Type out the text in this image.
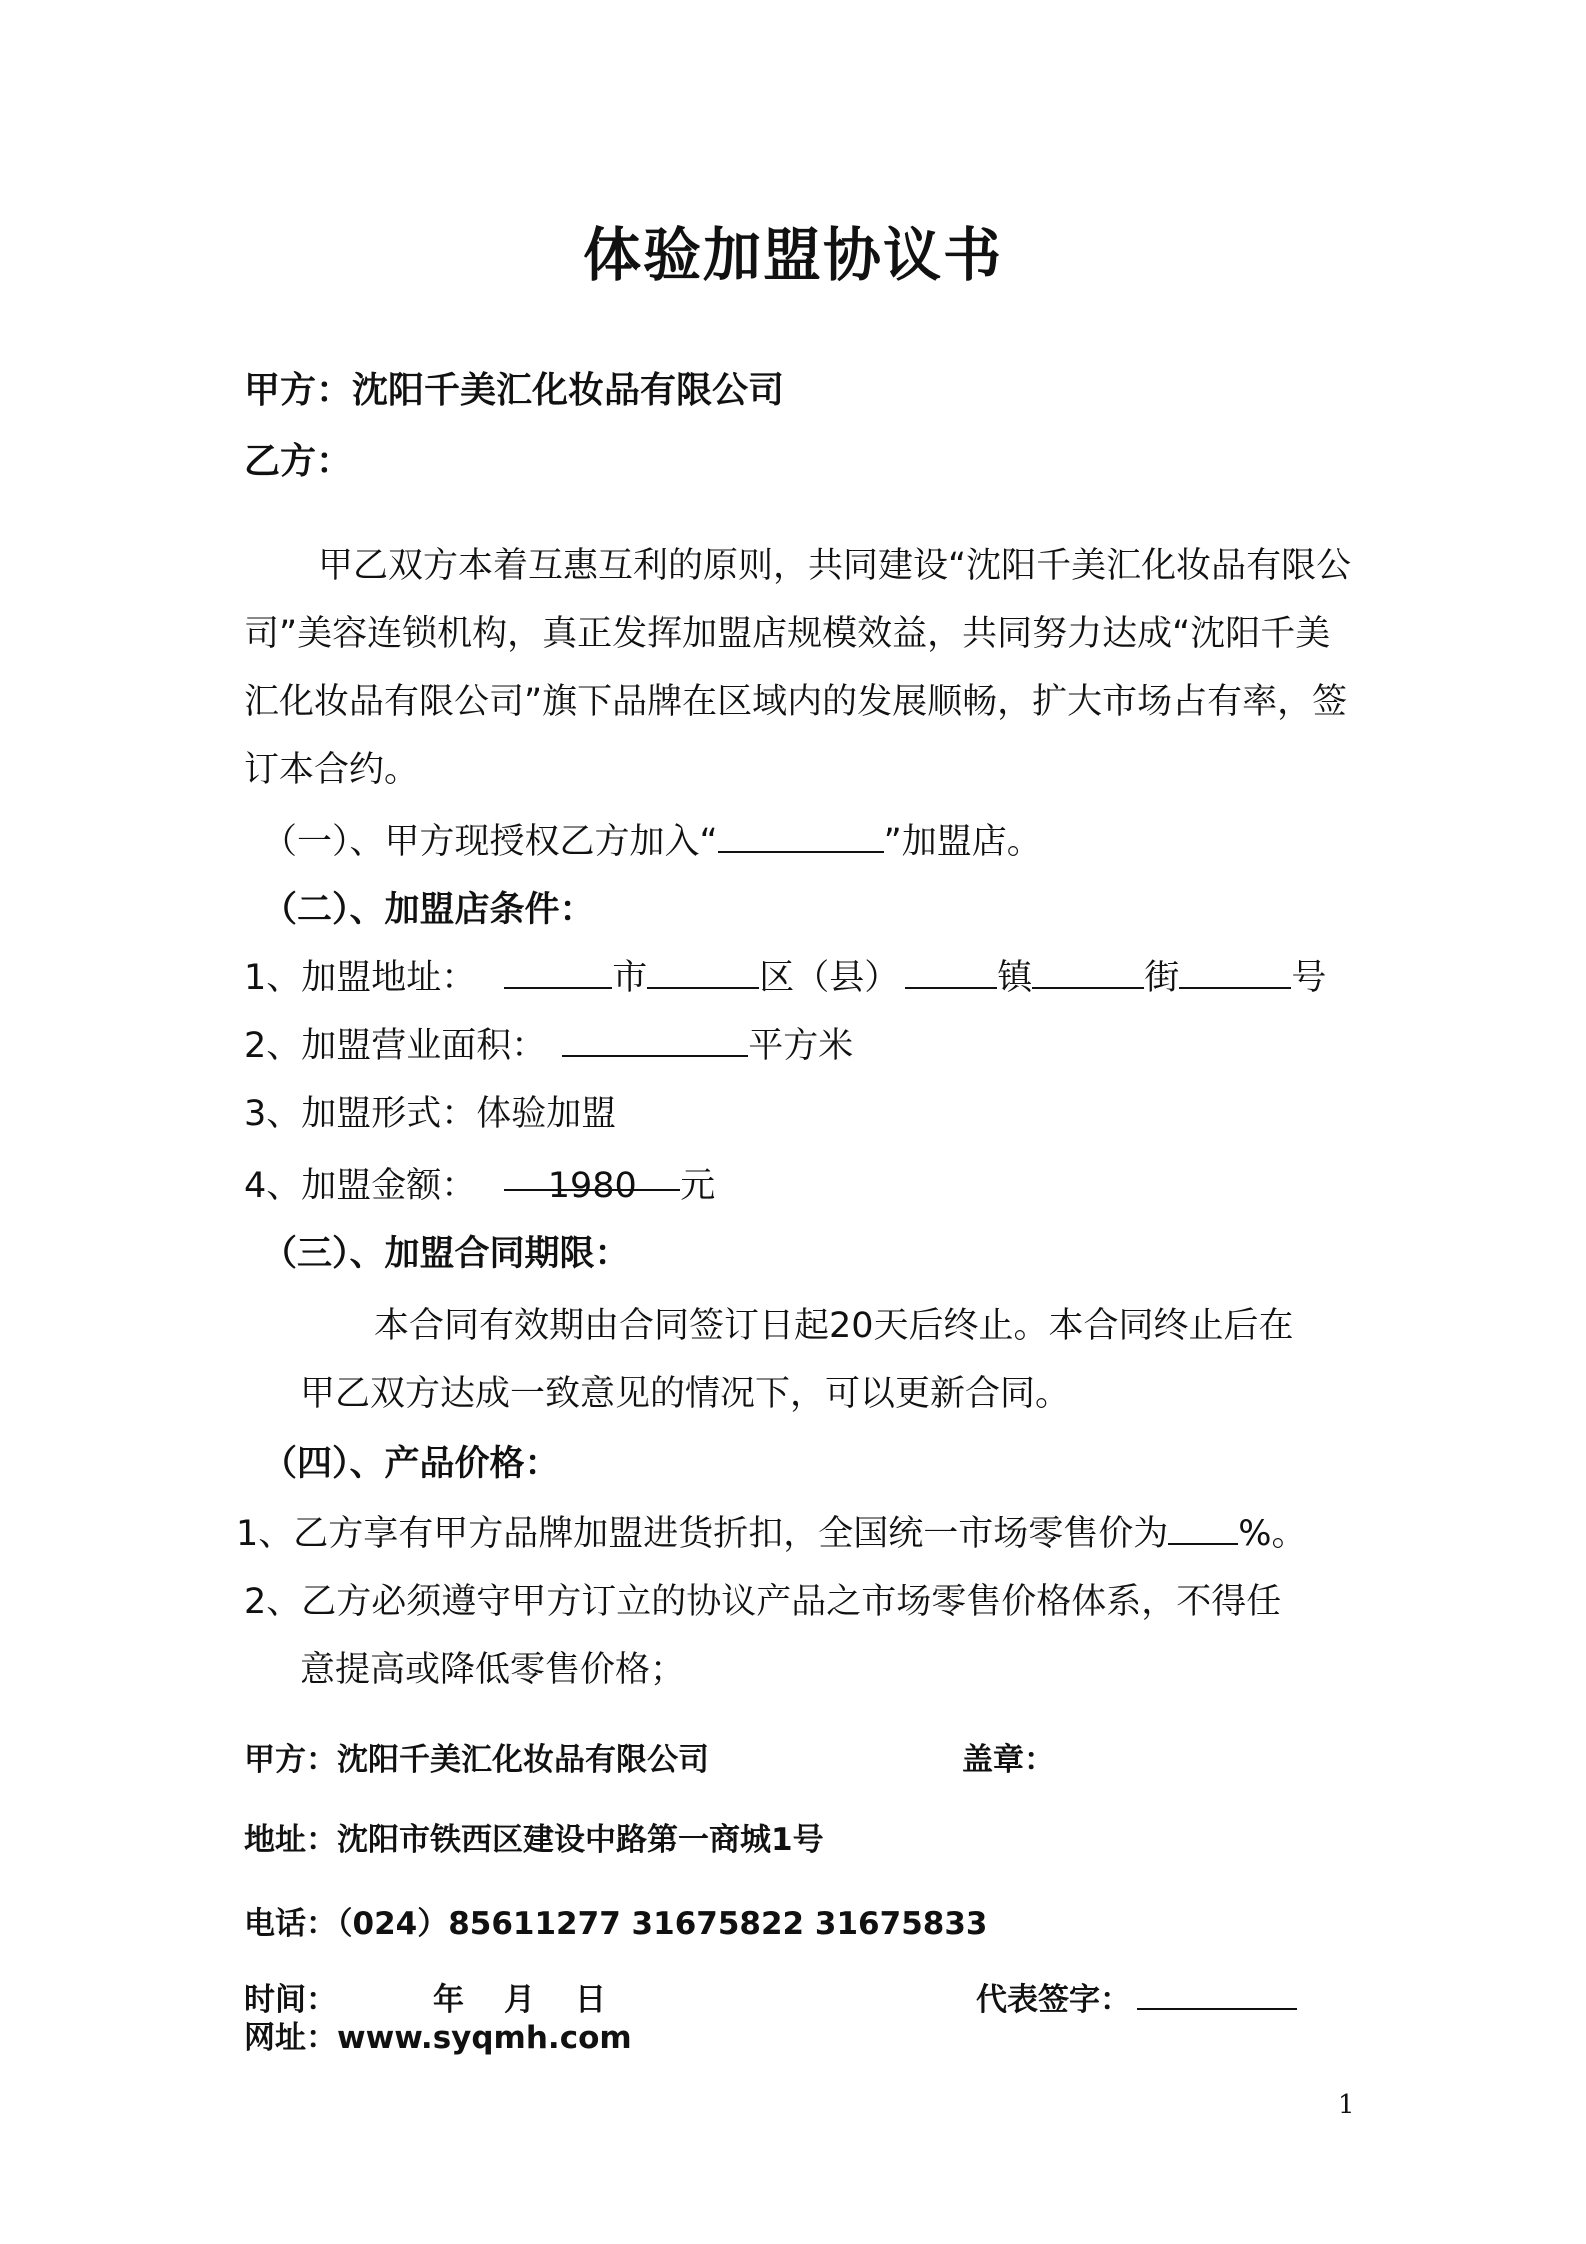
体验加盟协议书
甲方：沈阳千美汇化妆品有限公司
乙方：
甲乙双方本着互惠互利的原则，共同建设“沈阳千美汇化妆品有限公司”美容连锁机构，真正发挥加盟店规模效益，共同努力达成“沈阳千美汇化妆品有限公司”旗下品牌在区域内的发展顺畅，扩大市场占有率，签订本合约。
（一）、甲方现授权乙方加入“	”加盟店。
（二）、加盟店条件：
1、加盟地址：	市	区（县）	镇	街	号
2、加盟营业面积：	平方米
3、加盟形式：体验加盟
4、加盟金额： 1980 元
（三）、加盟合同期限：
本合同有效期由合同签订日起20天后终止。本合同终止后在
甲乙双方达成一致意见的情况下，可以更新合同。
（四）、产品价格：
1、乙方享有甲方品牌加盟进货折扣，全国统一市场零售价为 %。
2、乙方必须遵守甲方订立的协议产品之市场零售价格体系，不得任
意提高或降低零售价格；
甲方：沈阳千美汇化妆品有限公司	盖章：
地址：沈阳市铁西区建设中路第一商城1号
电话：（024）85611277 31675822 31675833
时间：	年 月 日	代表签字：
网址：www.syqmh.com
1
